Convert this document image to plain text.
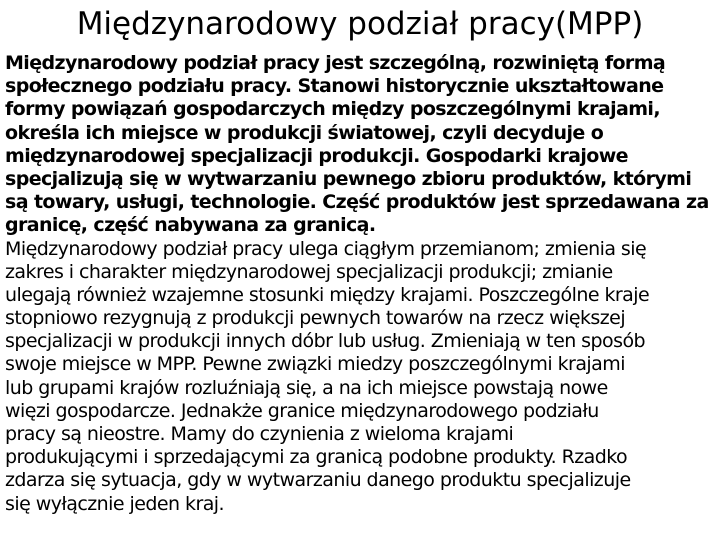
Międzynarodowy podział pracy(MPP)
Międzynarodowy podział pracy jest szczególną, rozwiniętą formą
społecznego podziału pracy. Stanowi historycznie ukształtowane
formy powiązań gospodarczych między poszczególnymi krajami,
określa ich miejsce w produkcji światowej, czyli decyduje o
międzynarodowej specjalizacji produkcji. Gospodarki krajowe
specjalizują się w wytwarzaniu pewnego zbioru produktów, którymi
są towary, usługi, technologie. Część produktów jest sprzedawana za
granicę, część nabywana za granicą.
Międzynarodowy podział pracy ulega ciągłym przemianom; zmienia się
zakres i charakter międzynarodowej specjalizacji produkcji; zmianie
ulegają również wzajemne stosunki między krajami. Poszczególne kraje
stopniowo rezygnują z produkcji pewnych towarów na rzecz większej
specjalizacji w produkcji innych dóbr lub usług. Zmieniają w ten sposób
swoje miejsce w MPP. Pewne związki miedzy poszczególnymi krajami
lub grupami krajów rozluźniają się, a na ich miejsce powstają nowe
więzi gospodarcze. Jednakże granice międzynarodowego podziału
pracy są nieostre. Mamy do czynienia z wieloma krajami
produkującymi i sprzedającymi za granicą podobne produkty. Rzadko
zdarza się sytuacja, gdy w wytwarzaniu danego produktu specjalizuje
się wyłącznie jeden kraj.
